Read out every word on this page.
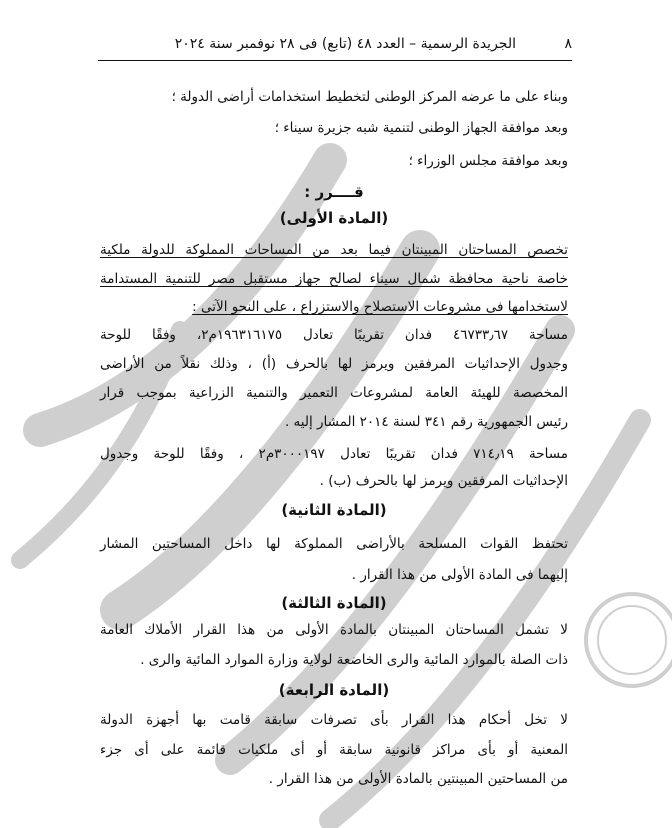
٨
الجريدة الرسمية – العدد ٤٨ (تابع) فى ٢٨ نوفمبر سنة ٢٠٢٤
وبناء على ما عرضه المركز الوطنى لتخطيط استخدامات أراضى الدولة ؛
وبعد موافقة الجهاز الوطنى لتنمية شبه جزيرة سيناء ؛
وبعد موافقة مجلس الوزراء ؛
قــــرر :
(المادة الأولى)
تخصص المساحتان المبينتان فيما بعد من المساحات المملوكة للدولة ملكية
خاصة ناحية محافظة شمال سيناء لصالح جهاز مستقبل مصر للتنمية المستدامة
لاستخدامها فى مشروعات الاستصلاح والاستزراع ، على النحو الآتى :
مساحة ٤٦٧٣٣٫٦٧ فدان تقريبًا تعادل ١٩٦٣١٦١٧٥م٢، وفقًا للوحة
وجدول الإحداثيات المرفقين ويرمز لها بالحرف (أ) ، وذلك نقلاً من الأراضى
المخصصة للهيئة العامة لمشروعات التعمير والتنمية الزراعية بموجب قرار
رئيس الجمهورية رقم ٣٤١ لسنة ٢٠١٤ المشار إليه .
مساحة ٧١٤٫١٩ فدان تقريبًا تعادل ٣٠٠٠١٩٧م٢ ، وفقًا للوحة وجدول
الإحداثيات المرفقين ويرمز لها بالحرف (ب) .
(المادة الثانية)
تحتفظ القوات المسلحة بالأراضى المملوكة لها داخل المساحتين المشار
إليهما فى المادة الأولى من هذا القرار .
(المادة الثالثة)
لا تشمل المساحتان المبينتان بالمادة الأولى من هذا القرار الأملاك العامة
ذات الصلة بالموارد المائية والرى الخاضعة لولاية وزارة الموارد المائية والرى .
(المادة الرابعة)
لا تخل أحكام هذا القرار بأى تصرفات سابقة قامت بها أجهزة الدولة
المعنية أو بأى مراكز قانونية سابقة أو أى ملكيات قائمة على أى جزء
من المساحتين المبينتين بالمادة الأولى من هذا القرار .
